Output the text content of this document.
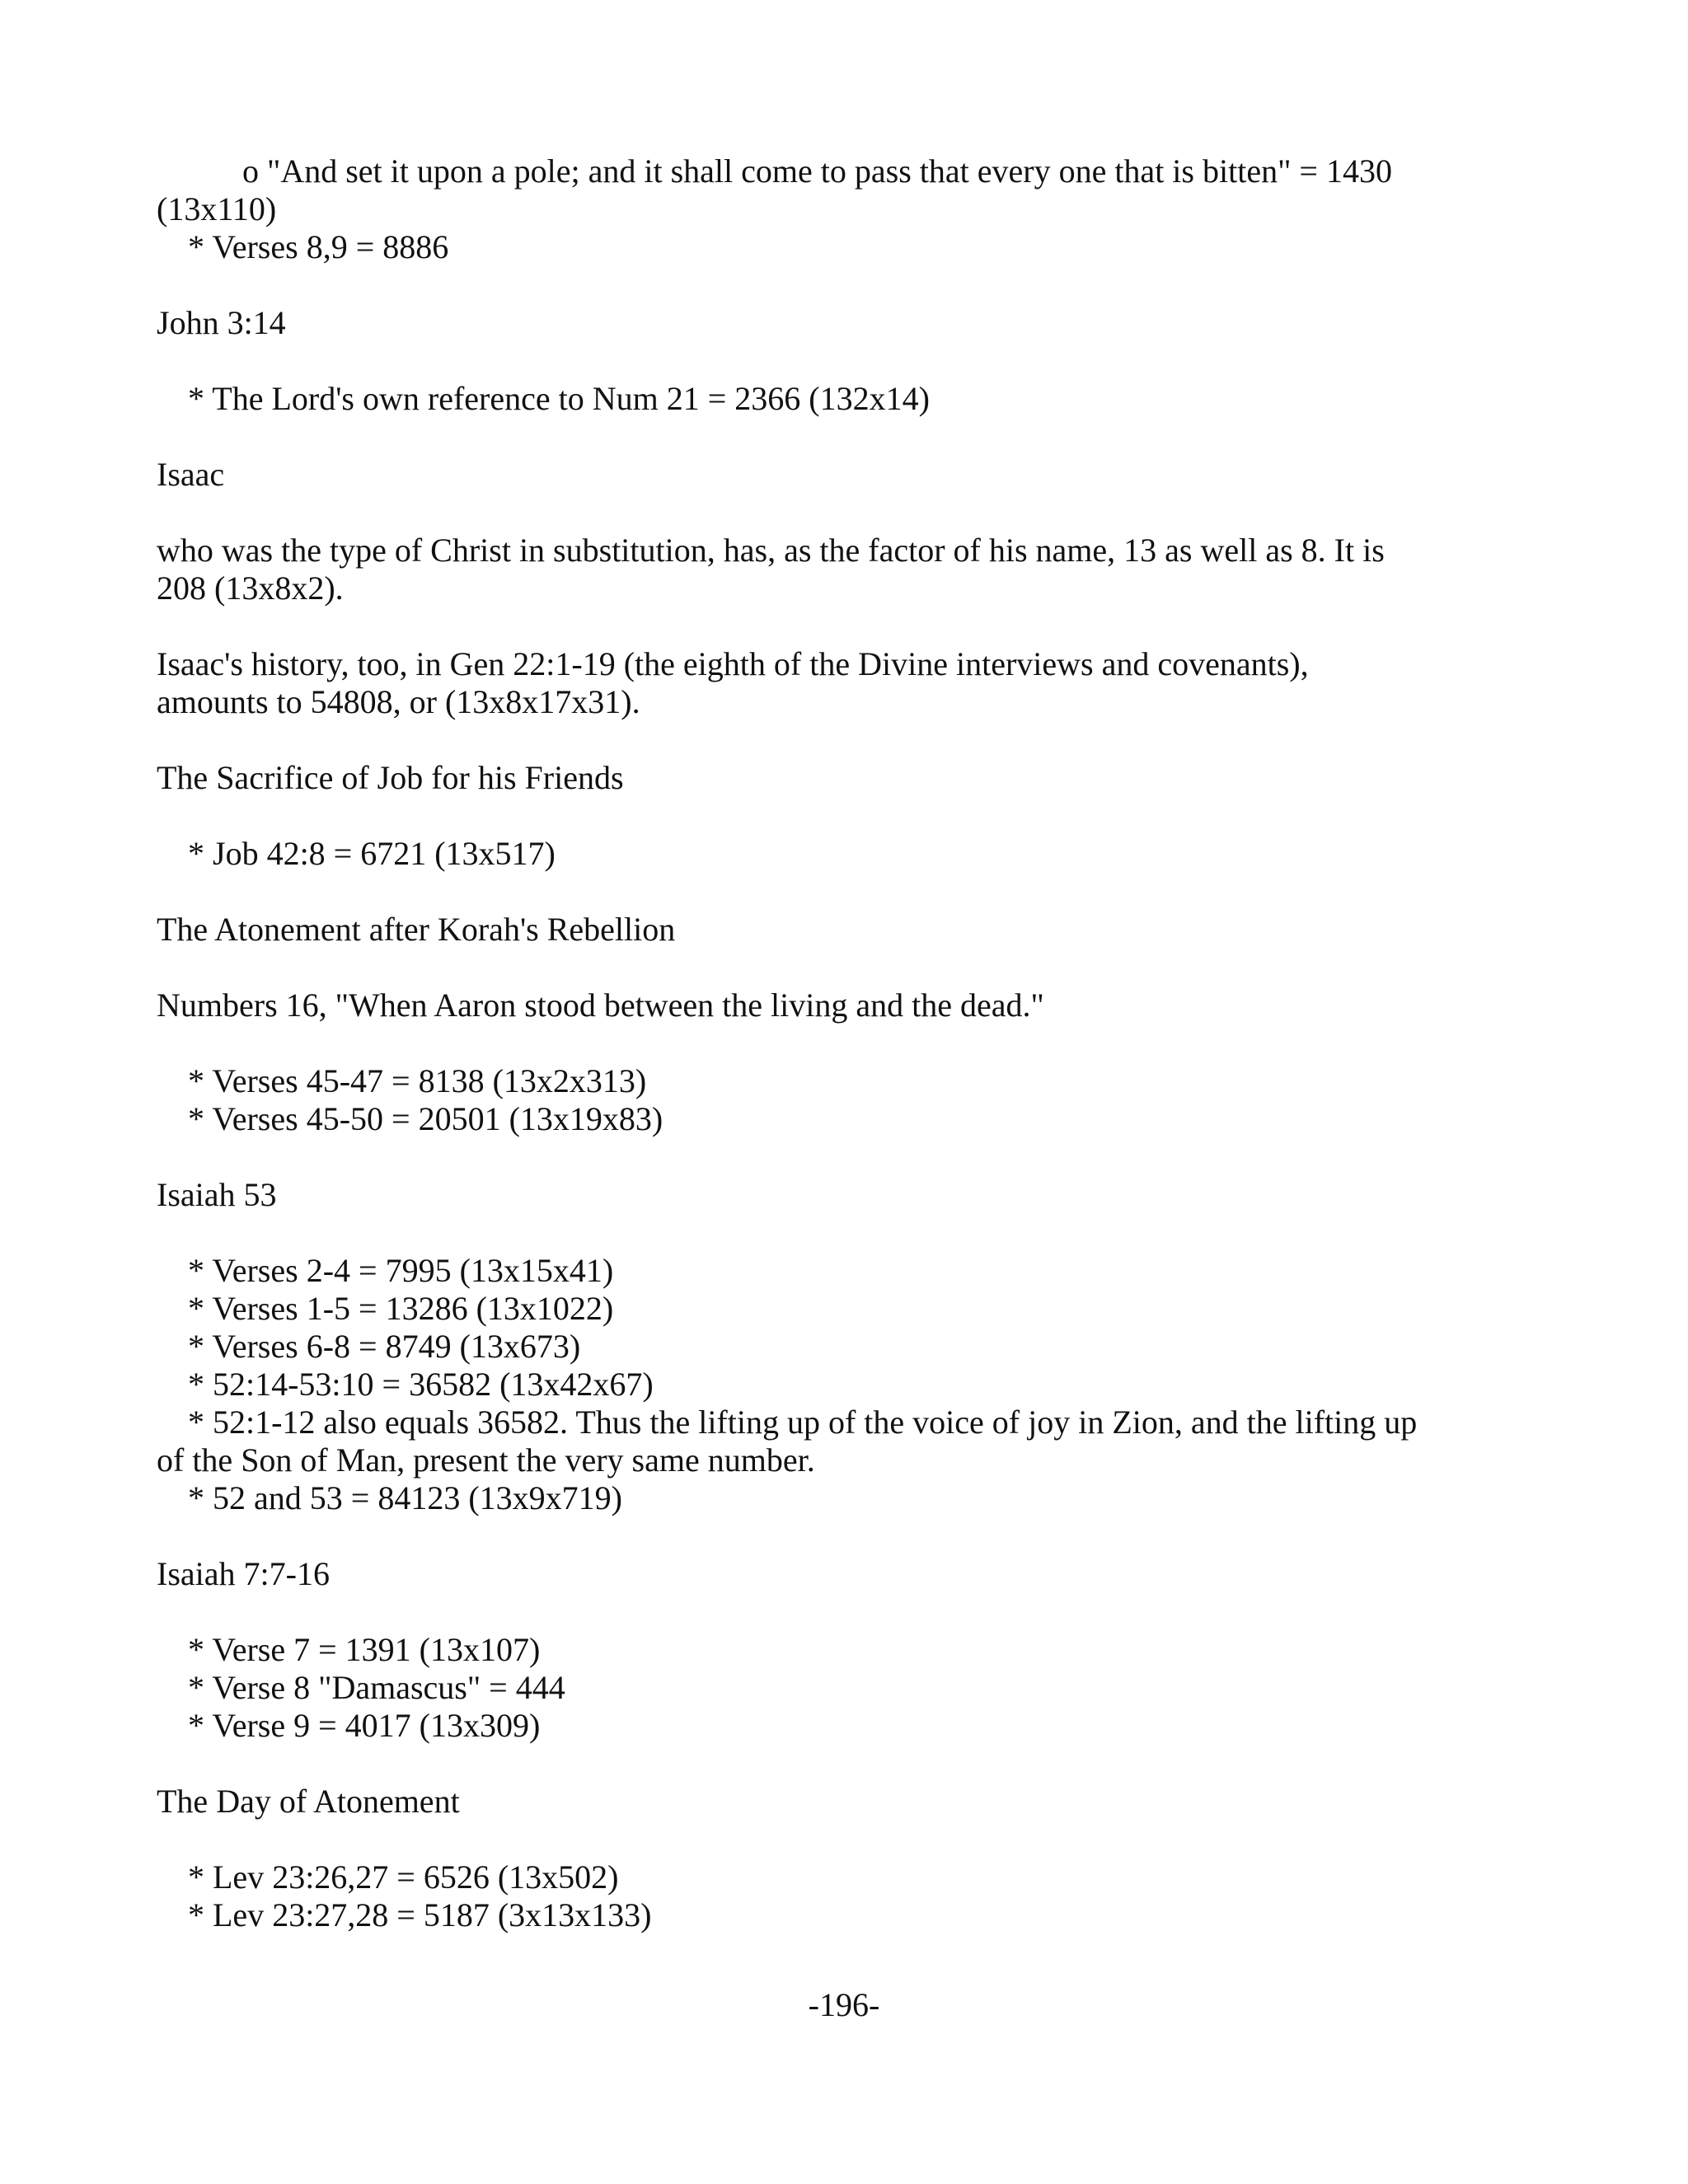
o "And set it upon a pole; and it shall come to pass that every one that is bitten" = 1430
(13x110)
* Verses 8,9 = 8886
John 3:14
* The Lord's own reference to Num 21 = 2366 (132x14)
Isaac
who was the type of Christ in substitution, has, as the factor of his name, 13 as well as 8. It is
208 (13x8x2).
Isaac's history, too, in Gen 22:1-19 (the eighth of the Divine interviews and covenants),
amounts to 54808, or (13x8x17x31).
The Sacrifice of Job for his Friends
* Job 42:8 = 6721 (13x517)
The Atonement after Korah's Rebellion
Numbers 16, "When Aaron stood between the living and the dead."
* Verses 45-47 = 8138 (13x2x313)
* Verses 45-50 = 20501 (13x19x83)
Isaiah 53
* Verses 2-4 = 7995 (13x15x41)
* Verses 1-5 = 13286 (13x1022)
* Verses 6-8 = 8749 (13x673)
* 52:14-53:10 = 36582 (13x42x67)
* 52:1-12 also equals 36582. Thus the lifting up of the voice of joy in Zion, and the lifting up
of the Son of Man, present the very same number.
* 52 and 53 = 84123 (13x9x719)
Isaiah 7:7-16
* Verse 7 = 1391 (13x107)
* Verse 8 "Damascus" = 444
* Verse 9 = 4017 (13x309)
The Day of Atonement
* Lev 23:26,27 = 6526 (13x502)
* Lev 23:27,28 = 5187 (3x13x133)
-196-
